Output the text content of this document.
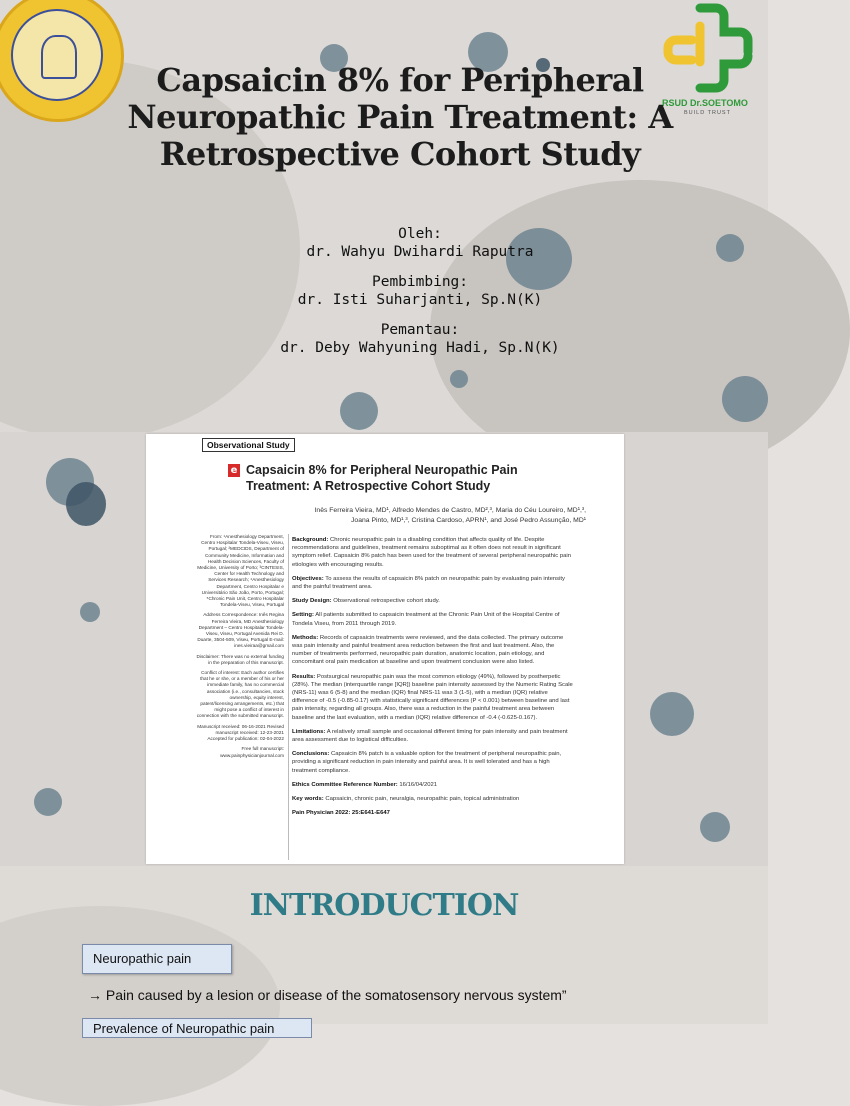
RSUD Dr.SOETOMO
BUILD TRUST
Capsaicin 8% for Peripheral Neuropathic Pain Treatment: A Retrospective Cohort Study
Oleh:
dr. Wahyu Dwihardi Raputra
Pembimbing:
dr. Isti Suharjanti, Sp.N(K)
Pemantau:
dr. Deby Wahyuning Hadi, Sp.N(K)
Observational Study
e Capsaicin 8% for Peripheral Neuropathic Pain
Treatment: A Retrospective Cohort Study
Inês Ferreira Vieira, MD¹, Alfredo Mendes de Castro, MD²,³, Maria do Céu Loureiro, MD¹,³,
Joana Pinto, MD¹,³, Cristina Cardoso, APRN¹, and José Pedro Assunção, MD¹

From: ¹Anesthesiology Department, Centro Hospitalar Tondela-Viseu, Viseu, Portugal; ²MEDCIDS, Department of Community Medicine, Information and Health Decision Sciences, Faculty of Medicine, University of Porto; ³CINTESIS, Center for Health Technology and Services Research; ⁴Anesthesiology Department, Centro Hospitalar e Universitário São João, Porto, Portugal; ⁵Chronic Pain Unit, Centro Hospitalar Tondela-Viseu, Viseu, Portugal

Address Correspondence: Inês Regina Ferreira Vieira, MD Anesthesiology Department – Centro Hospitalar Tondela-Viseu, Viseu, Portugal Avenida Rei D. Duarte, 3504-509, Viseu, Portugal E-mail: ines.vieiraa@gmail.com

Disclaimer: There was no external funding in the preparation of this manuscript.

Conflict of interest: Each author certifies that he or she, or a member of his or her immediate family, has no commercial association (i.e., consultancies, stock ownership, equity interest, patent/licensing arrangements, etc.) that might pose a conflict of interest in connection with the submitted manuscript.

Manuscript received: 06-16-2021 Revised manuscript received: 12-23-2021 Accepted for publication: 02-04-2022

Free full manuscript: www.painphysicianjournal.com

Background: Chronic neuropathic pain is a disabling condition that affects quality of life. Despite recommendations and guidelines, treatment remains suboptimal as it often does not result in significant symptom relief. Capsaicin 8% patch has been used for the treatment of several peripheral neuropathic pain etiologies with encouraging results.

Objectives: To assess the results of capsaicin 8% patch on neuropathic pain by evaluating pain intensity and the painful treatment area.

Study Design: Observational retrospective cohort study.

Setting: All patients submitted to capsaicin treatment at the Chronic Pain Unit of the Hospital Centre of Tondela Viseu, from 2011 through 2019.

Methods: Records of capsaicin treatments were reviewed, and the data collected. The primary outcome was pain intensity and painful treatment area reduction between the first and last treatment. Also, the number of treatments performed, neuropathic pain duration, anatomic location, pain etiology, and concomitant oral pain medication at baseline and upon treatment conclusion were also listed.

Results: Postsurgical neuropathic pain was the most common etiology (49%), followed by postherpetic (28%). The median (interquartile range [IQR]) baseline pain intensity assessed by the Numeric Rating Scale (NRS-11) was 6 (5-8) and the median (IQR) final NRS-11 was 3 (1-5), with a median (IQR) relative difference of -0.5 (-0.85-0.17) with statistically significant differences (P < 0.001) between baseline and last pain intensity, regarding all groups. Also, there was a reduction in the painful treatment area between baseline and the last evaluation, with a median (IQR) relative difference of -0.4 (-0.625-0.167).

Limitations: A relatively small sample and occasional different timing for pain intensity and pain treatment area assessment due to logistical difficulties.

Conclusions: Capsaicin 8% patch is a valuable option for the treatment of peripheral neuropathic pain, providing a significant reduction in pain intensity and painful area. It is well tolerated and has a high treatment compliance.

Ethics Committee Reference Number: 16/16/04/2021

Key words: Capsaicin, chronic pain, neuralgia, neuropathic pain, topical administration

Pain Physician 2022: 25:E641-E647

INTRODUCTION
Neuropathic pain
→ Pain caused by a lesion or disease of the somatosensory nervous system”
Prevalence of Neuropathic pain
